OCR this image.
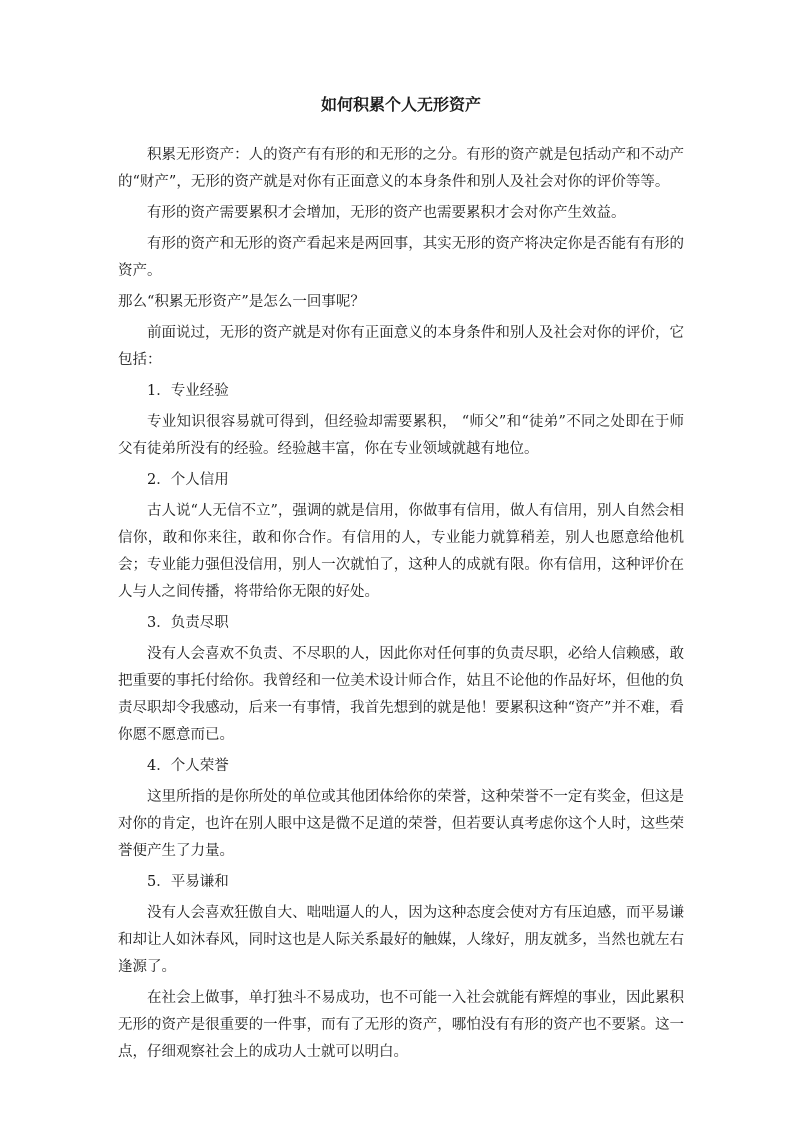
如何积累个人无形资产
积累无形资产：人的资产有有形的和无形的之分。有形的资产就是包括动产和不动产的“财产”，无形的资产就是对你有正面意义的本身条件和别人及社会对你的评价等等。
有形的资产需要累积才会增加，无形的资产也需要累积才会对你产生效益。
有形的资产和无形的资产看起来是两回事，其实无形的资产将决定你是否能有有形的资产。
那么“积累无形资产”是怎么一回事呢？
前面说过，无形的资产就是对你有正面意义的本身条件和别人及社会对你的评价，它包括：
1．专业经验
专业知识很容易就可得到，但经验却需要累积， “师父”和“徒弟”不同之处即在于师父有徒弟所没有的经验。经验越丰富，你在专业领域就越有地位。
2．个人信用
古人说“人无信不立”，强调的就是信用，你做事有信用，做人有信用，别人自然会相信你，敢和你来往，敢和你合作。有信用的人，专业能力就算稍差，别人也愿意给他机会；专业能力强但没信用，别人一次就怕了，这种人的成就有限。你有信用，这种评价在人与人之间传播，将带给你无限的好处。
3．负责尽职
没有人会喜欢不负责、不尽职的人，因此你对任何事的负责尽职，必给人信赖感，敢把重要的事托付给你。我曾经和一位美术设计师合作，姑且不论他的作品好坏，但他的负责尽职却令我感动，后来一有事情，我首先想到的就是他！要累积这种“资产”并不难，看你愿不愿意而已。
4．个人荣誉
这里所指的是你所处的单位或其他团体给你的荣誉，这种荣誉不一定有奖金，但这是对你的肯定，也许在别人眼中这是微不足道的荣誉，但若要认真考虑你这个人时，这些荣誉便产生了力量。
5．平易谦和
没有人会喜欢狂傲自大、咄咄逼人的人，因为这种态度会使对方有压迫感，而平易谦和却让人如沐春风，同时这也是人际关系最好的触媒，人缘好，朋友就多，当然也就左右逢源了。
在社会上做事，单打独斗不易成功，也不可能一入社会就能有辉煌的事业，因此累积无形的资产是很重要的一件事，而有了无形的资产，哪怕没有有形的资产也不要紧。这一点，仔细观察社会上的成功人士就可以明白。
